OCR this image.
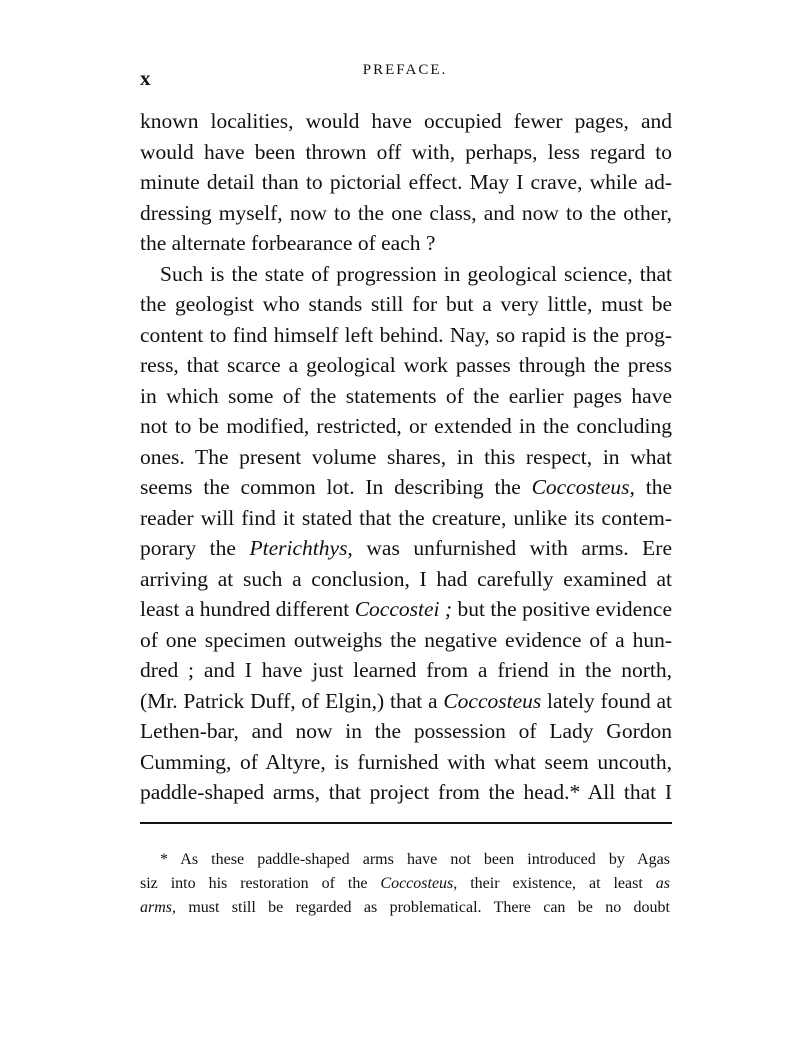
x	PREFACE.
known localities, would have occupied fewer pages, and
would have been thrown off with, perhaps, less regard to
minute detail than to pictorial effect. May I crave, while ad-
dressing myself, now to the one class, and now to the other,
the alternate forbearance of each ?
Such is the state of progression in geological science, that
the geologist who stands still for but a very little, must be
content to find himself left behind. Nay, so rapid is the prog-
ress, that scarce a geological work passes through the press
in which some of the statements of the earlier pages have
not to be modified, restricted, or extended in the concluding
ones. The present volume shares, in this respect, in what
seems the common lot. In describing the Coccosteus, the
reader will find it stated that the creature, unlike its contem-
porary the Pterichthys, was unfurnished with arms. Ere
arriving at such a conclusion, I had carefully examined at
least a hundred different Coccostei ; but the positive evidence
of one specimen outweighs the negative evidence of a hun-
dred ; and I have just learned from a friend in the north,
(Mr. Patrick Duff, of Elgin,) that a Coccosteus lately found at
Lethen-bar, and now in the possession of Lady Gordon
Cumming, of Altyre, is furnished with what seem uncouth,
paddle-shaped arms, that project from the head.* All that I
* As these paddle-shaped arms have not been introduced by Agas
siz into his restoration of the Coccosteus, their existence, at least as
arms, must still be regarded as problematical. There can be no doubt
